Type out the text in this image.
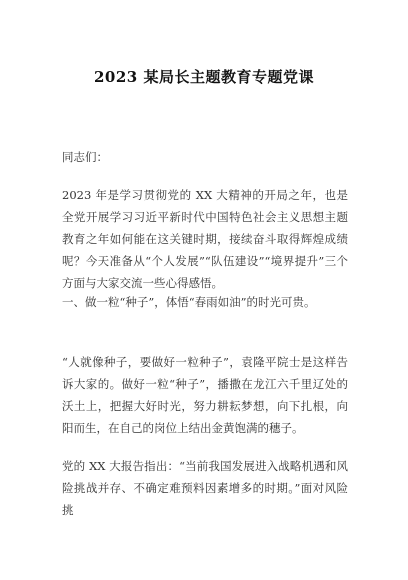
2023 某局长主题教育专题党课
同志们：
2023 年是学习贯彻党的 XX 大精神的开局之年，也是全党开展学习习近平新时代中国特色社会主义思想主题教育之年如何能在这关键时期，接续奋斗取得辉煌成绩呢？今天准备从“个人发展”“队伍建设”“境界提升”三个方面与大家交流一些心得感悟。
一、做一粒“种子”，体悟“春雨如油”的时光可贵。
“人就像种子，要做好一粒种子”，袁隆平院士是这样告诉大家的。做好一粒“种子”，播撒在龙江六千里辽处的沃土上，把握大好时光，努力耕耘梦想，向下扎根，向阳而生，在自己的岗位上结出金黄饱满的穗子。
党的 XX 大报告指出：“当前我国发展进入战略机遇和风险挑战并存、不确定难预料因素增多的时期。”面对风险挑
